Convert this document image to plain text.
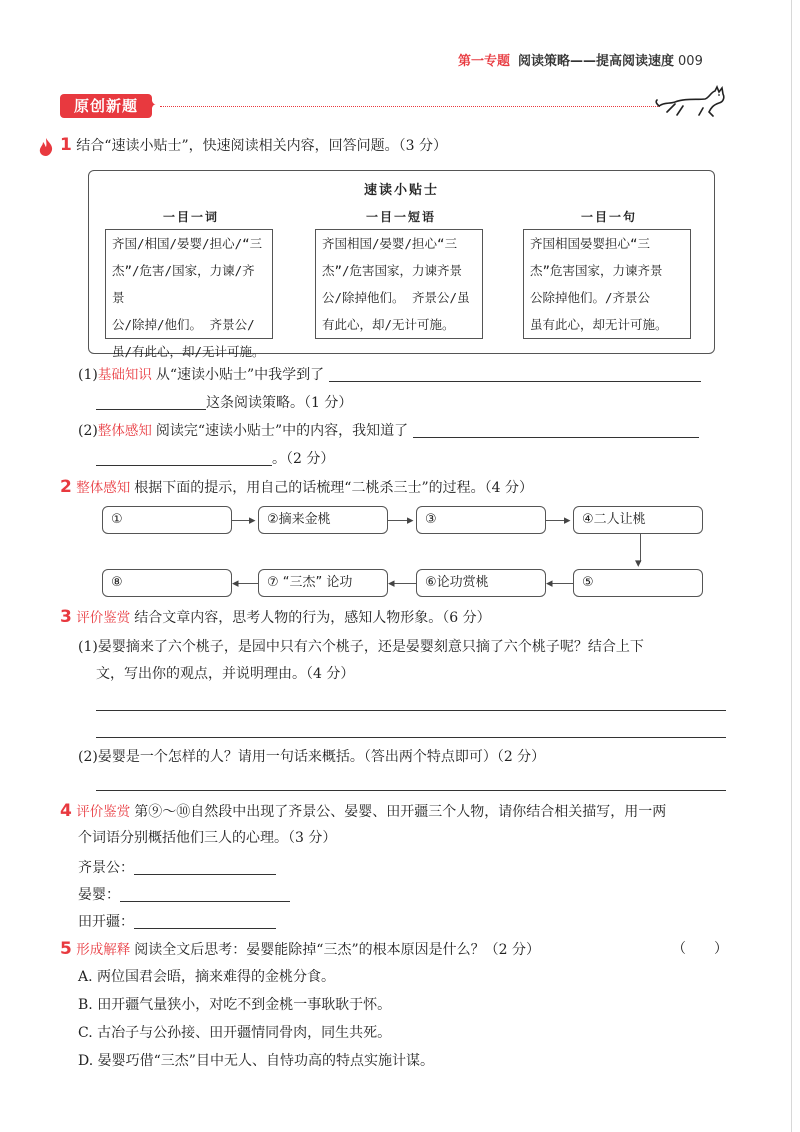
第一专题 阅读策略——提高阅读速度 009
原创新题	✦
1 结合“速读小贴士”，快速阅读相关内容，回答问题。（3 分）
速读小贴士
一目一词
齐国/相国/晏婴/担心/“三
杰”/危害/国家，力谏/齐景
公/除掉/他们。 齐景公/
虽/有此心，却/无计可施。
一目一短语
齐国相国/晏婴/担心“三
杰”/危害国家，力谏齐景
公/除掉他们。 齐景公/虽
有此心，却/无计可施。
一目一句
齐国相国晏婴担心“三
杰”危害国家，力谏齐景
公除掉他们。/齐景公
虽有此心，却无计可施。
(1)基础知识 从“速读小贴士”中我学到了
这条阅读策略。（1 分）
(2)整体感知 阅读完“速读小贴士”中的内容，我知道了
。（2 分）
2 整体感知 根据下面的提示，用自己的话梳理“二桃杀三士”的过程。（4 分）
①	②摘来金桃	③	④二人让桃
⑤
⑥论功赏桃
⑦ “三杰” 论功
⑧
▸	▸	▸
▾
◂
◂
◂
3 评价鉴赏 结合文章内容，思考人物的行为，感知人物形象。（6 分）
(1)晏婴摘来了六个桃子，是园中只有六个桃子，还是晏婴刻意只摘了六个桃子呢？结合上下
文，写出你的观点，并说明理由。（4 分）
(2)晏婴是一个怎样的人？请用一句话来概括。（答出两个特点即可）（2 分）
4 评价鉴赏 第⑨～⑩自然段中出现了齐景公、晏婴、田开疆三个人物，请你结合相关描写，用一两
个词语分别概括他们三人的心理。（3 分）
齐景公：
晏婴：
田开疆：
5 形成解释 阅读全文后思考：晏婴能除掉“三杰”的根本原因是什么？（2 分）	（　　）
A. 两位国君会晤，摘来难得的金桃分食。
B. 田开疆气量狭小，对吃不到金桃一事耿耿于怀。
C. 古冶子与公孙接、田开疆情同骨肉，同生共死。
D. 晏婴巧借“三杰”目中无人、自恃功高的特点实施计谋。
